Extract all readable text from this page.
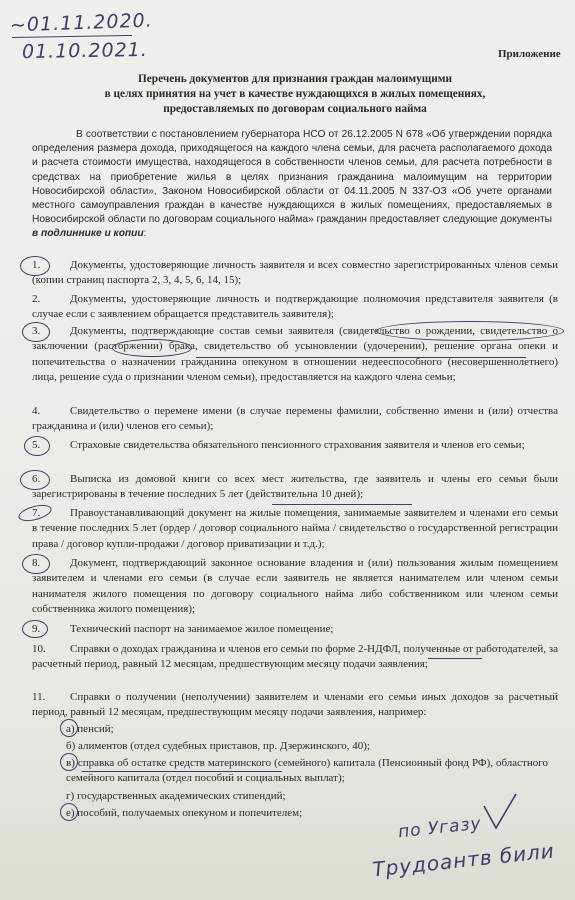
~01.11.2020.
01.10.2021.	Приложение
Перечень документов для признания граждан малоимущими
в целях принятия на учет в качестве нуждающихся в жилых помещениях,
предоставляемых по договорам социального найма
В соответствии с постановлением губернатора НСО от 26.12.2005 N 678 «Об утверждении порядка определения размера дохода, приходящегося на каждого члена семьи, для расчета располагаемого дохода и расчета стоимости имущества, находящегося в собственности членов семьи, для расчета потребности в средствах на приобретение жилья в целях признания гражданина малоимущим на территории Новосибирской области», Законом Новосибирской области от 04.11.2005 N 337-ОЗ «Об учете органами местного самоуправления граждан в качестве нуждающихся в жилых помещениях, предоставляемых в Новосибирской области по договорам социального найма» гражданин предоставляет следующие документы в подлиннике и копии:
1.	Документы, удостоверяющие личность заявителя и всех совместно зарегистрированных членов семьи (копии страниц паспорта 2, 3, 4, 5, 6, 14, 15);
2.	Документы, удостоверяющие личность и подтверждающие полномочия представителя заявителя (в случае если с заявлением обращается представитель заявителя);
3.	Документы, подтверждающие состав семьи заявителя (свидетельство о рождении, свидетельство о заключении (расторжении) брака, свидетельство об усыновлении (удочерении), решение органа опеки и попечительства о назначении гражданина опекуном в отношении недееспособного (несовершеннолетнего) лица, решение суда о признании членом семьи), предоставляется на каждого члена семьи;
4.	Свидетельство о перемене имени (в случае перемены фамилии, собственно имени и (или) отчества гражданина и (или) членов его семьи);
5.	Страховые свидетельства обязательного пенсионного страхования заявителя и членов его семьи;
6.	Выписка из домовой книги со всех мест жительства, где заявитель и члены его семьи были зарегистрированы в течение последних 5 лет (действительна 10 дней);
7.	Правоустанавливающий документ на жилые помещения, занимаемые заявителем и членами его семьи в течение последних 5 лет (ордер / договор социального найма / свидетельство о государственной регистрации права / договор купли-продажи / договор приватизации и т.д.);
8.	Документ, подтверждающий законное основание владения и (или) пользования жилым помещением заявителем и членами его семьи (в случае если заявитель не является нанимателем или членом семьи нанимателя жилого помещения по договору социального найма либо собственником или членом семьи собственника жилого помещения);
9.	Технический паспорт на занимаемое жилое помещение;
10. Справки о доходах гражданина и членов его семьи по форме 2-НДФЛ, полученные от работодателей, за расчетный период, равный 12 месяцам, предшествующим месяцу подачи заявления;
11. Справки о получении (неполучении) заявителем и членами его семьи иных доходов за расчетный период, равный 12 месяцам, предшествующим месяцу подачи заявления, например:
а) пенсий;
б) алиментов (отдел судебных приставов, пр. Дзержинского, 40);
в) справка об остатке средств материнского (семейного) капитала (Пенсионный фонд РФ), областного семейного капитала (отдел пособий и социальных выплат);
г) государственных академических стипендий;
е) пособий, получаемых опекуном и попечителем;
по Угазу
Трудоантв били
